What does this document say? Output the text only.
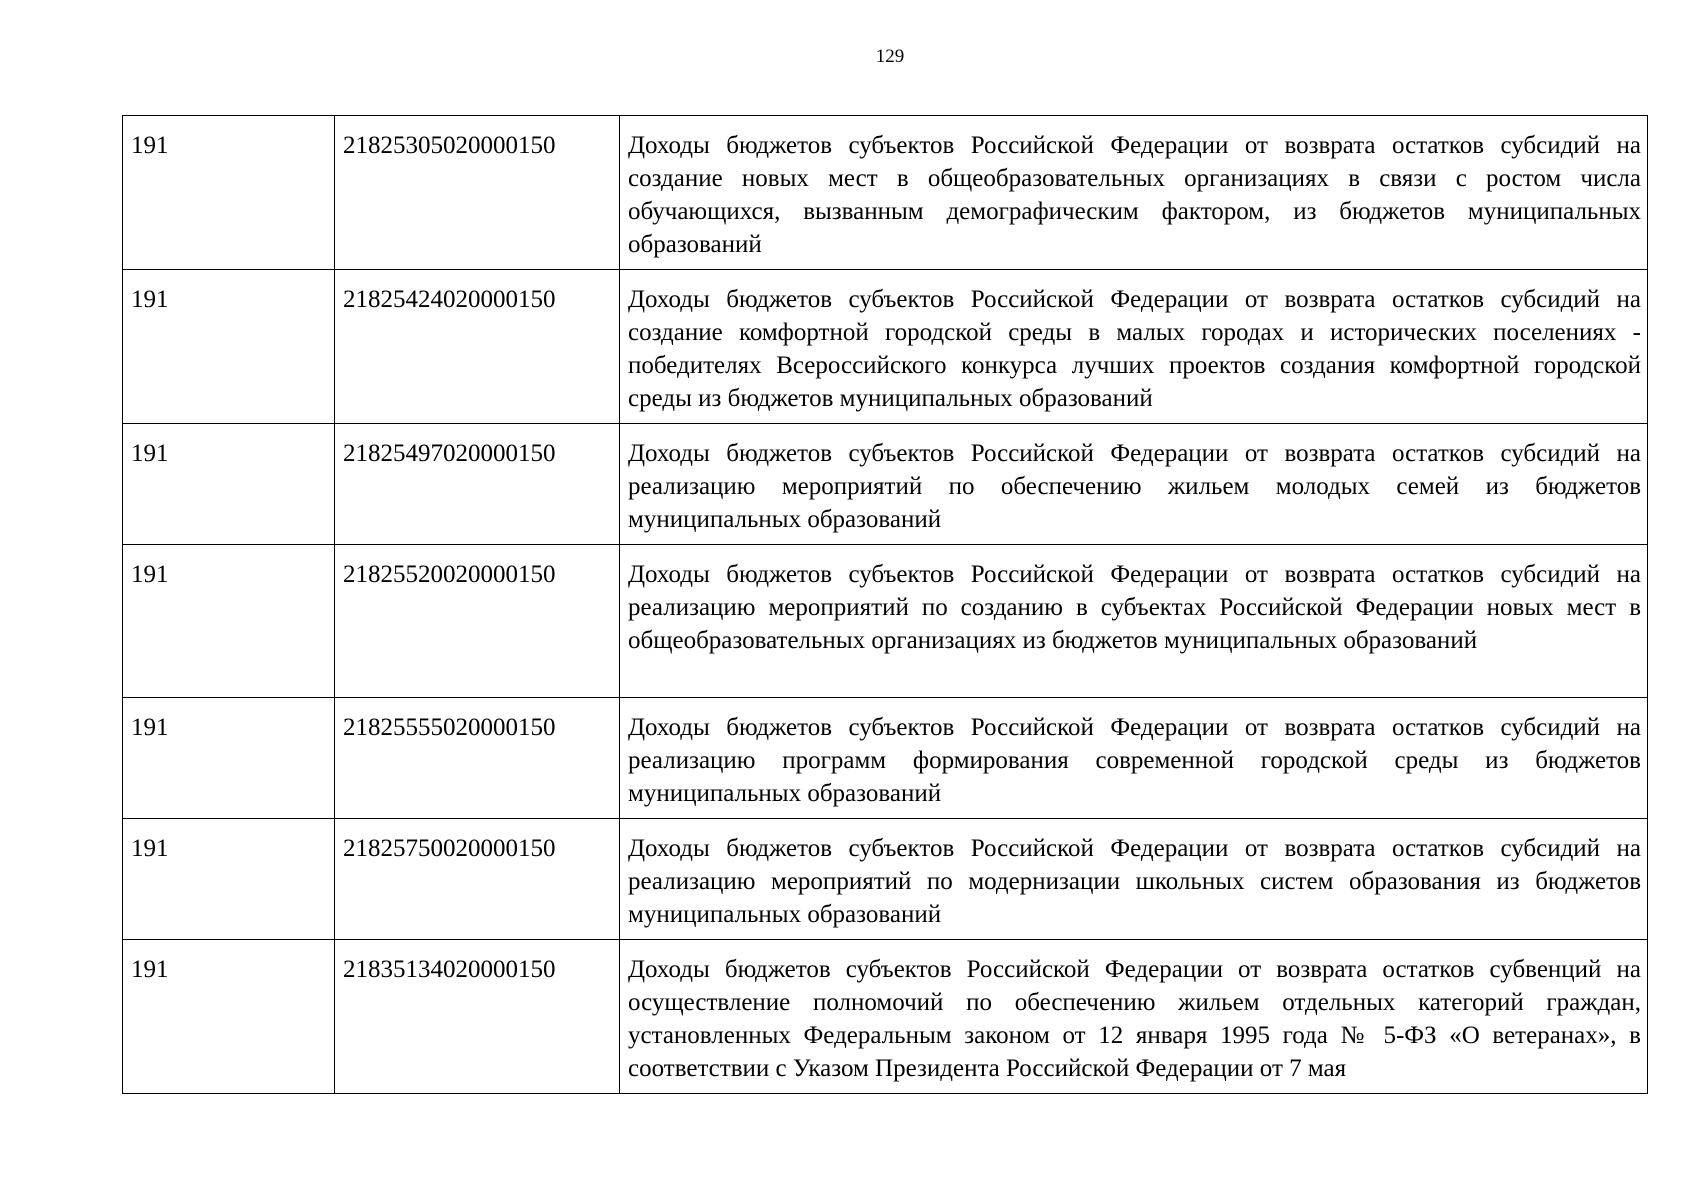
129
191	21825305020000150	Доходы бюджетов субъектов Российской Федерации от возврата остатков субсидий на создание новых мест в общеобразовательных организациях в связи с ростом числа обучающихся, вызванным демографическим фактором, из бюджетов муниципальных образований
191	21825424020000150	Доходы бюджетов субъектов Российской Федерации от возврата остатков субсидий на создание комфортной городской среды в малых городах и исторических поселениях - победителях Всероссийского конкурса лучших проектов создания комфортной городской среды из бюджетов муниципальных образований
191	21825497020000150	Доходы бюджетов субъектов Российской Федерации от возврата остатков субсидий на реализацию мероприятий по обеспечению жильем молодых семей из бюджетов муниципальных образований
191	21825520020000150	Доходы бюджетов субъектов Российской Федерации от возврата остатков субсидий на реализацию мероприятий по созданию в субъектах Российской Федерации новых мест в общеобразовательных организациях из бюджетов муниципальных образований
191	21825555020000150	Доходы бюджетов субъектов Российской Федерации от возврата остатков субсидий на реализацию программ формирования современной городской среды из бюджетов муниципальных образований
191	21825750020000150	Доходы бюджетов субъектов Российской Федерации от возврата остатков субсидий на реализацию мероприятий по модернизации школьных систем образования из бюджетов муниципальных образований
191	21835134020000150	Доходы бюджетов субъектов Российской Федерации от возврата остатков субвенций на осуществление полномочий по обеспечению жильем отдельных категорий граждан, установленных Федеральным законом от 12 января 1995 года № 5-ФЗ «О ветеранах», в соответствии с Указом Президента Российской Федерации от 7 мая
